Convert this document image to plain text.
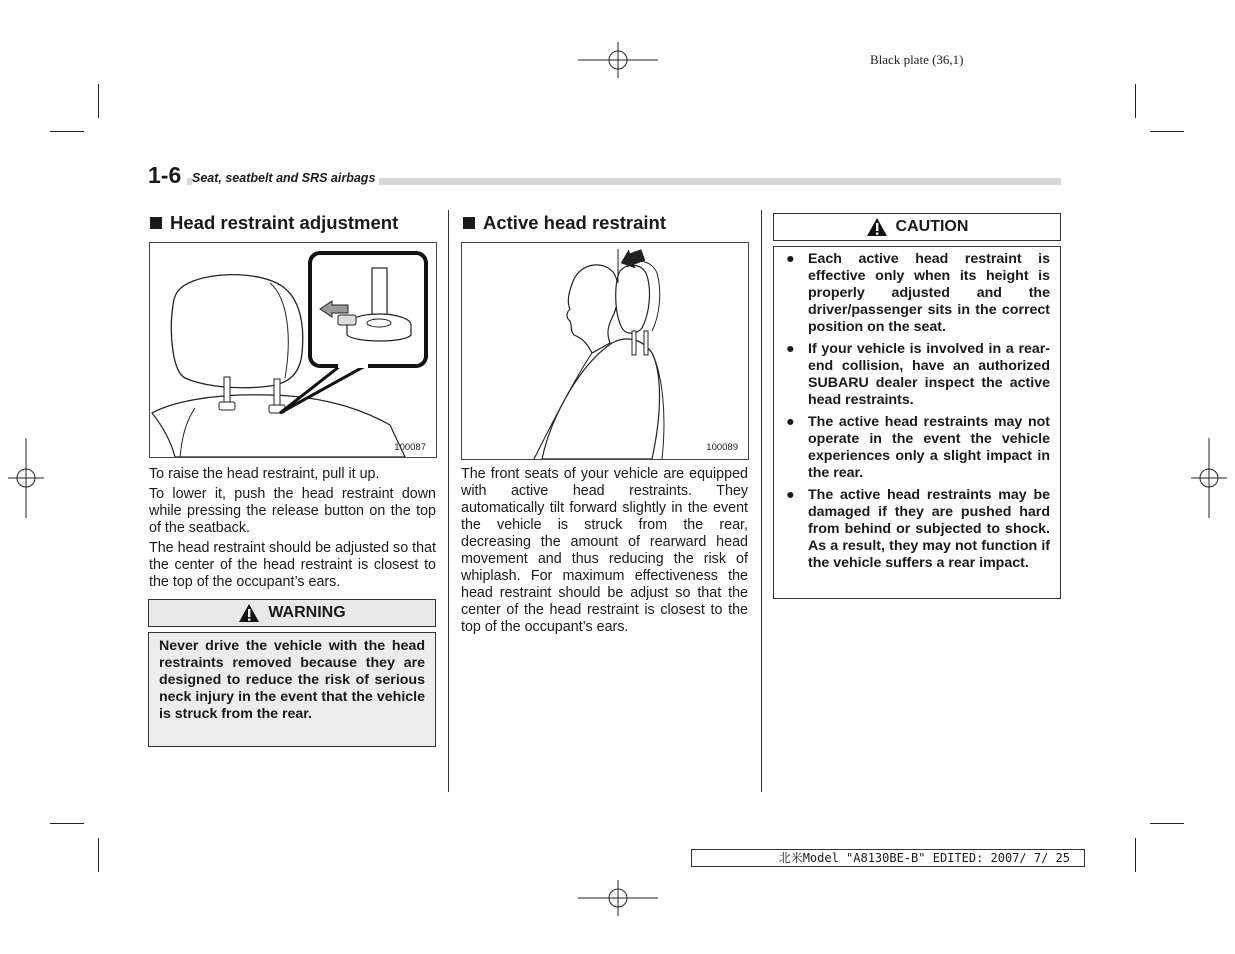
Black plate (36,1)
1-6 Seat, seatbelt and SRS airbags
Head restraint adjustment
100087

To raise the head restraint, pull it up.

To lower it, push the head restraint down while pressing the release button on the top of the seatback.

The head restraint should be adjusted so that the center of the head restraint is closest to the top of the occupant’s ears.

WARNING
Never drive the vehicle with the head restraints removed because they are designed to reduce the risk of serious neck injury in the event that the vehicle is struck from the rear.
Active head restraint
100089

The front seats of your vehicle are equipped with active head restraints. They automatically tilt forward slightly in the event the vehicle is struck from the rear, decreasing the amount of rearward head movement and thus reducing the risk of whiplash. For maximum effectiveness the head restraint should be adjust so that the center of the head restraint is closest to the top of the occupant’s ears.

CAUTION
● Each active head restraint is effective only when its height is properly adjusted and the driver/passenger sits in the correct position on the seat.
● If your vehicle is involved in a rear-end collision, have an authorized SUBARU dealer inspect the active head restraints.
● The active head restraints may not operate in the event the vehicle experiences only a slight impact in the rear.
● The active head restraints may be damaged if they are pushed hard from behind or subjected to shock. As a result, they may not function if the vehicle suffers a rear impact.
北米Model "A8130BE-B" EDITED: 2007/ 7/ 25
